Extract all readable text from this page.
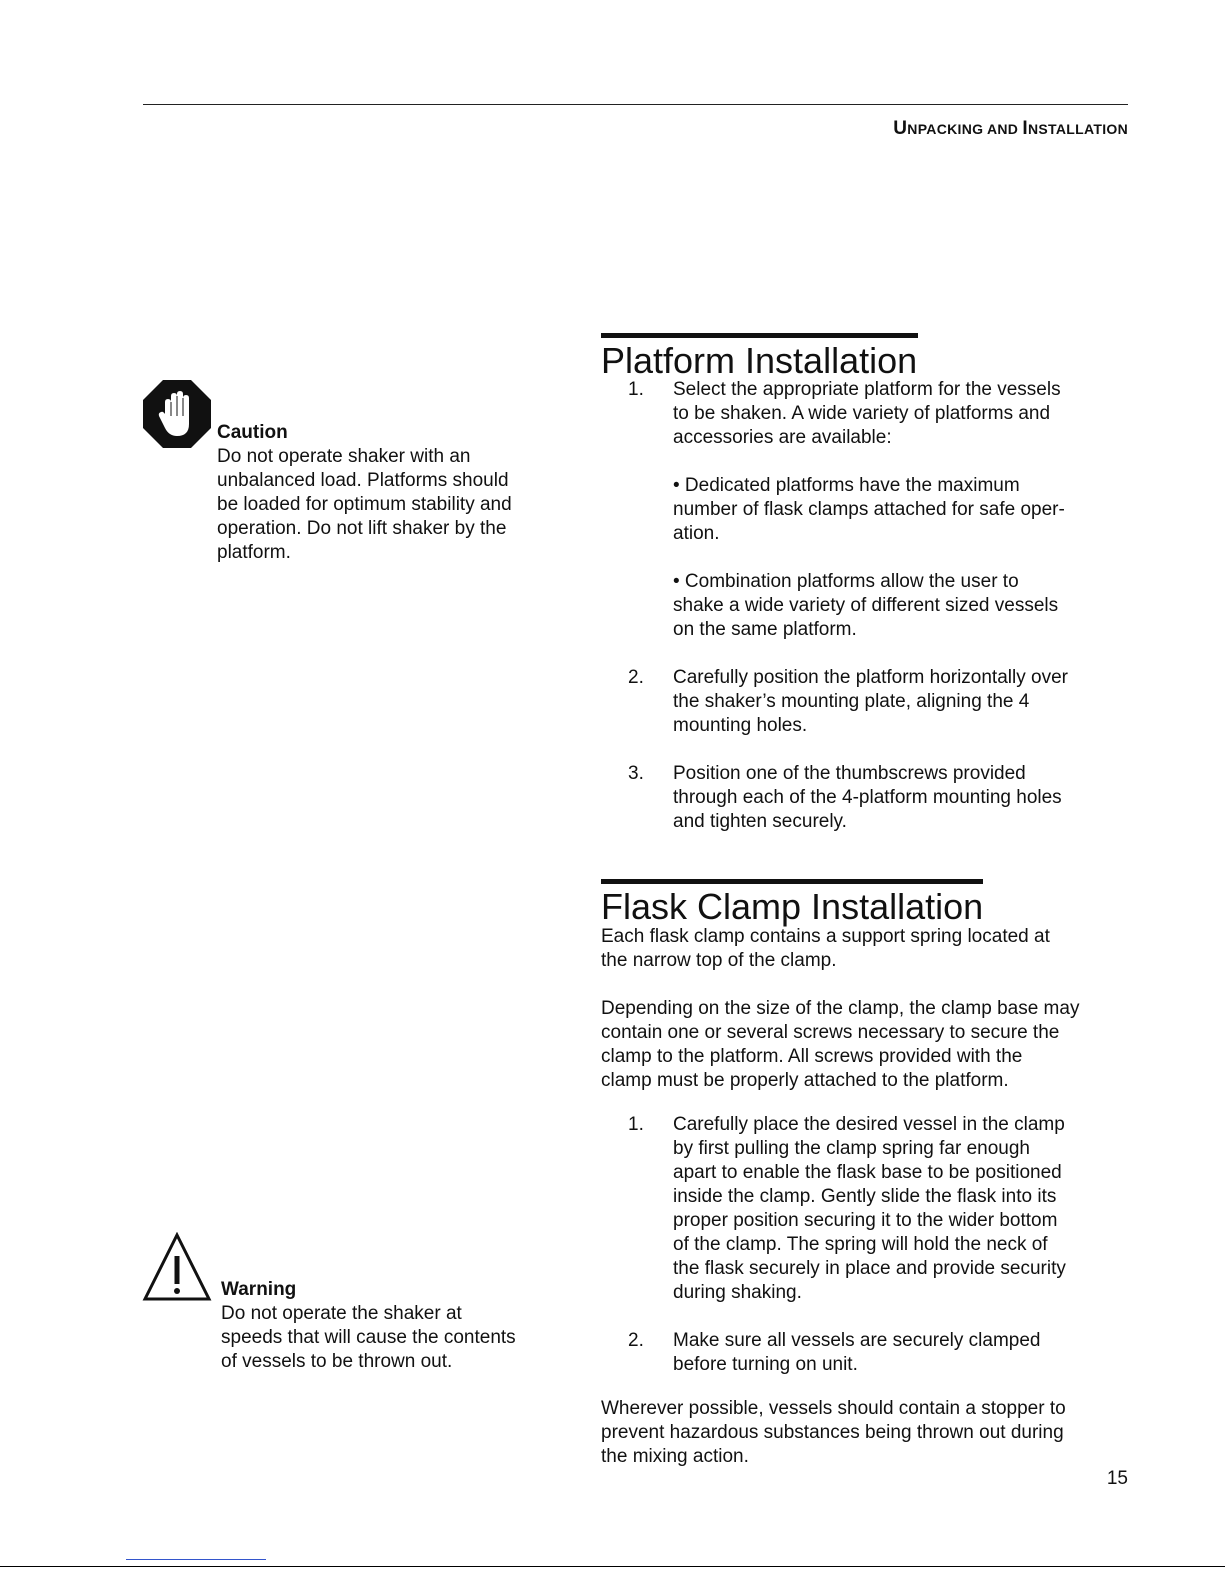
UNPACKING AND INSTALLATION
Caution
Do not operate shaker with an
unbalanced load. Platforms should
be loaded for optimum stability and
operation. Do not lift shaker by the
platform.
Warning
Do not operate the shaker at
speeds that will cause the contents
of vessels to be thrown out.
Platform Installation
1. Select the appropriate platform for the vessels

to be shaken. A wide variety of platforms and

accessories are available:

• Dedicated platforms have the maximum

number of flask clamps attached for safe oper-

ation.

• Combination platforms allow the user to

shake a wide variety of different sized vessels

on the same platform.

2. Carefully position the platform horizontally over

the shaker’s mounting plate, aligning the 4

mounting holes.

3. Position one of the thumbscrews provided

through each of the 4-platform mounting holes

and tighten securely.

Flask Clamp Installation
Each flask clamp contains a support spring located at
the narrow top of the clamp.
Depending on the size of the clamp, the clamp base may
contain one or several screws necessary to secure the
clamp to the platform. All screws provided with the
clamp must be properly attached to the platform.
1. Carefully place the desired vessel in the clamp

by first pulling the clamp spring far enough

apart to enable the flask base to be positioned

inside the clamp. Gently slide the flask into its

proper position securing it to the wider bottom

of the clamp. The spring will hold the neck of

the flask securely in place and provide security

during shaking.

2. Make sure all vessels are securely clamped

before turning on unit.

Wherever possible, vessels should contain a stopper to
prevent hazardous substances being thrown out during
the mixing action.
15
